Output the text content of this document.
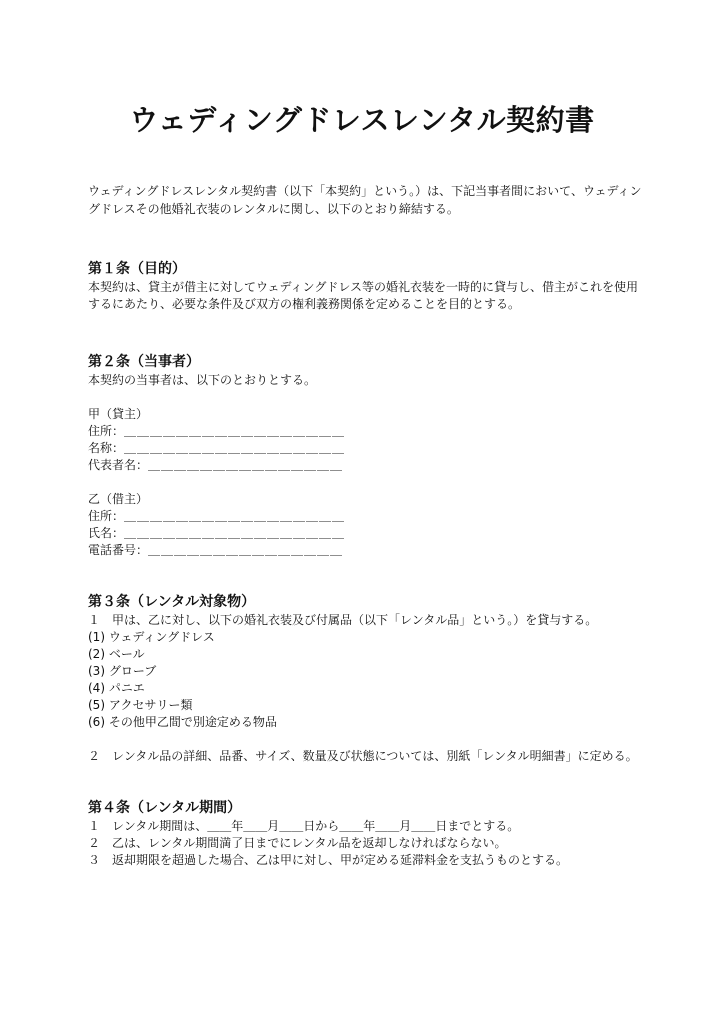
ウェディングドレスレンタル契約書

ウェディングドレスレンタル契約書（以下「本契約」という。）は、下記当事者間において、ウェディングドレスその他婚礼衣装のレンタルに関し、以下のとおり締結する。

第１条（目的）

本契約は、貸主が借主に対してウェディングドレス等の婚礼衣装を一時的に貸与し、借主がこれを使用するにあたり、必要な条件及び双方の権利義務関係を定めることを目的とする。

第２条（当事者）

本契約の当事者は、以下のとおりとする。

甲（貸主）

住所：＿＿＿＿＿＿＿＿＿＿＿＿＿＿＿＿＿

名称：＿＿＿＿＿＿＿＿＿＿＿＿＿＿＿＿＿

代表者名：＿＿＿＿＿＿＿＿＿＿＿＿＿＿＿

乙（借主）

住所：＿＿＿＿＿＿＿＿＿＿＿＿＿＿＿＿＿

氏名：＿＿＿＿＿＿＿＿＿＿＿＿＿＿＿＿＿

電話番号：＿＿＿＿＿＿＿＿＿＿＿＿＿＿＿

第３条（レンタル対象物）

１　甲は、乙に対し、以下の婚礼衣装及び付属品（以下「レンタル品」という。）を貸与する。

(1) ウェディングドレス

(2) ベール

(3) グローブ

(4) パニエ

(5) アクセサリー類

(6) その他甲乙間で別途定める物品

２　レンタル品の詳細、品番、サイズ、数量及び状態については、別紙「レンタル明細書」に定める。

第４条（レンタル期間）

１　レンタル期間は、＿＿年＿＿月＿＿日から＿＿年＿＿月＿＿日までとする。

２　乙は、レンタル期間満了日までにレンタル品を返却しなければならない。

３　返却期限を超過した場合、乙は甲に対し、甲が定める延滞料金を支払うものとする。
